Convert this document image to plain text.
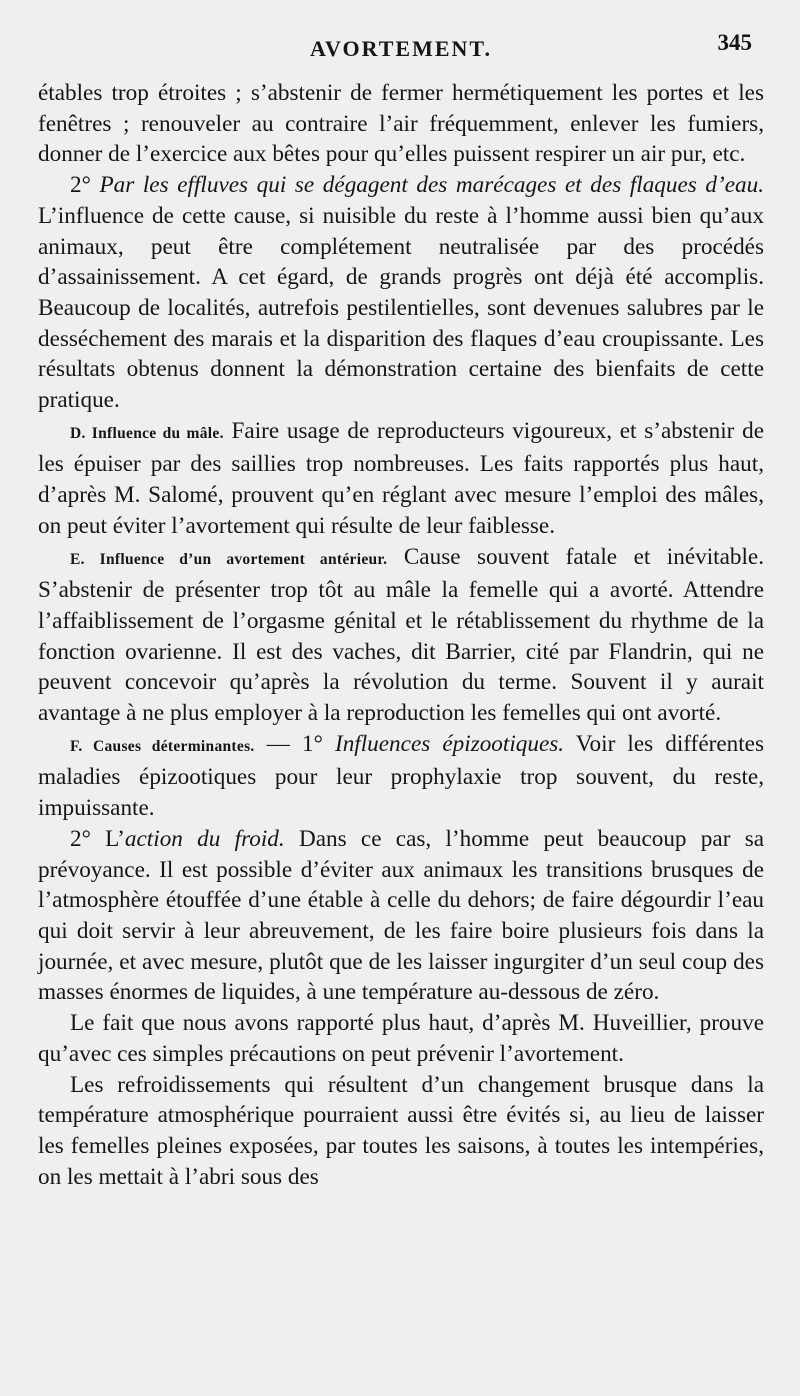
AVORTEMENT.	345

étables trop étroites ; s’abstenir de fermer hermétiquement les portes et les fenêtres ; renouveler au contraire l’air fréquemment, enlever les fumiers, donner de l’exercice aux bêtes pour qu’elles puissent respirer un air pur, etc.

2° Par les effluves qui se dégagent des marécages et des flaques d’eau. L’influence de cette cause, si nuisible du reste à l’homme aussi bien qu’aux animaux, peut être complétement neutralisée par des procédés d’assainissement. A cet égard, de grands progrès ont déjà été accomplis. Beaucoup de localités, autrefois pestilentielles, sont devenues salubres par le desséchement des marais et la disparition des flaques d’eau croupissante. Les résultats obtenus donnent la démonstration certaine des bienfaits de cette pratique.

D. Influence du mâle. Faire usage de reproducteurs vigoureux, et s’abstenir de les épuiser par des saillies trop nombreuses. Les faits rapportés plus haut, d’après M. Salomé, prouvent qu’en réglant avec mesure l’emploi des mâles, on peut éviter l’avortement qui résulte de leur faiblesse.

E. Influence d’un avortement antérieur. Cause souvent fatale et inévitable. S’abstenir de présenter trop tôt au mâle la femelle qui a avorté. Attendre l’affaiblissement de l’orgasme génital et le rétablissement du rhythme de la fonction ovarienne. Il est des vaches, dit Barrier, cité par Flandrin, qui ne peuvent concevoir qu’après la révolution du terme. Souvent il y aurait avantage à ne plus employer à la reproduction les femelles qui ont avorté.

F. Causes déterminantes. — 1° Influences épizootiques. Voir les différentes maladies épizootiques pour leur prophylaxie trop souvent, du reste, impuissante.

2° L’action du froid. Dans ce cas, l’homme peut beaucoup par sa prévoyance. Il est possible d’éviter aux animaux les transitions brusques de l’atmosphère étouffée d’une étable à celle du dehors; de faire dégourdir l’eau qui doit servir à leur abreuvement, de les faire boire plusieurs fois dans la journée, et avec mesure, plutôt que de les laisser ingurgiter d’un seul coup des masses énormes de liquides, à une température au-dessous de zéro.

Le fait que nous avons rapporté plus haut, d’après M. Huveillier, prouve qu’avec ces simples précautions on peut prévenir l’avortement.

Les refroidissements qui résultent d’un changement brusque dans la température atmosphérique pourraient aussi être évités si, au lieu de laisser les femelles pleines exposées, par toutes les saisons, à toutes les intempéries, on les mettait à l’abri sous des
